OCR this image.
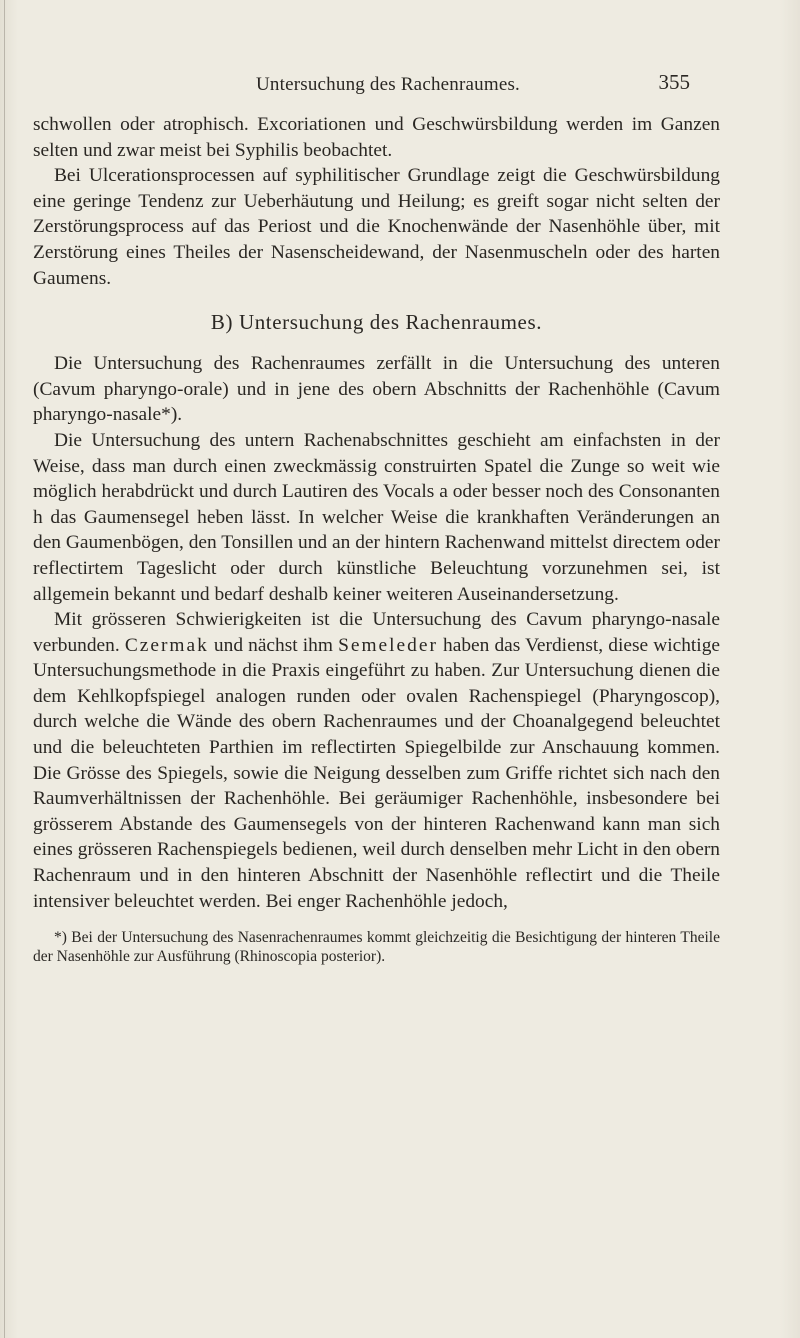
Untersuchung des Rachenraumes.	355

schwollen oder atrophisch. Excoriationen und Geschwürsbildung werden im Ganzen selten und zwar meist bei Syphilis beobachtet.

Bei Ulcerationsprocessen auf syphilitischer Grundlage zeigt die Geschwürsbildung eine geringe Tendenz zur Ueberhäutung und Heilung; es greift sogar nicht selten der Zerstörungsprocess auf das Periost und die Knochenwände der Nasenhöhle über, mit Zerstörung eines Theiles der Nasenscheidewand, der Nasenmuscheln oder des harten Gaumens.

B) Untersuchung des Rachenraumes.

Die Untersuchung des Rachenraumes zerfällt in die Untersuchung des unteren (Cavum pharyngo-orale) und in jene des obern Abschnitts der Rachenhöhle (Cavum pharyngo-nasale*).

Die Untersuchung des untern Rachenabschnittes geschieht am einfachsten in der Weise, dass man durch einen zweckmässig construirten Spatel die Zunge so weit wie möglich herabdrückt und durch Lautiren des Vocals a oder besser noch des Consonanten h das Gaumensegel heben lässt. In welcher Weise die krankhaften Veränderungen an den Gaumenbögen, den Tonsillen und an der hintern Rachenwand mittelst directem oder reflectirtem Tageslicht oder durch künstliche Beleuchtung vorzunehmen sei, ist allgemein bekannt und bedarf deshalb keiner weiteren Auseinandersetzung.

Mit grösseren Schwierigkeiten ist die Untersuchung des Cavum pharyngo-nasale verbunden. Czermak und nächst ihm Semeleder haben das Verdienst, diese wichtige Untersuchungsmethode in die Praxis eingeführt zu haben. Zur Untersuchung dienen die dem Kehlkopfspiegel analogen runden oder ovalen Rachenspiegel (Pharyngoscop), durch welche die Wände des obern Rachenraumes und der Choanalgegend beleuchtet und die beleuchteten Parthien im reflectirten Spiegelbilde zur Anschauung kommen. Die Grösse des Spiegels, sowie die Neigung desselben zum Griffe richtet sich nach den Raumverhältnissen der Rachenhöhle. Bei geräumiger Rachenhöhle, insbesondere bei grösserem Abstande des Gaumensegels von der hinteren Rachenwand kann man sich eines grösseren Rachenspiegels bedienen, weil durch denselben mehr Licht in den obern Rachenraum und in den hinteren Abschnitt der Nasenhöhle reflectirt und die Theile intensiver beleuchtet werden. Bei enger Rachenhöhle jedoch,

*) Bei der Untersuchung des Nasenrachenraumes kommt gleichzeitig die Besichtigung der hinteren Theile der Nasenhöhle zur Ausführung (Rhinoscopia posterior).
